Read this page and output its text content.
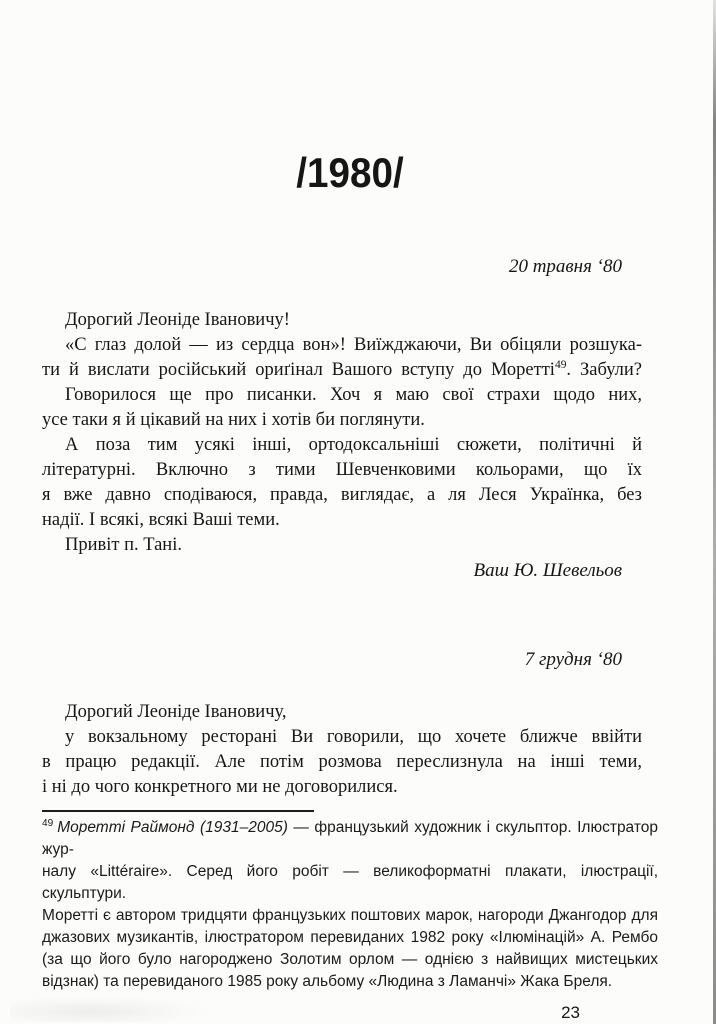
/1980/
20 травня ‘80
Дорогий Леоніде Івановичу!
«С глаз долой — из сердца вон»! Виїжджаючи, Ви обіцяли розшука-
ти й вислати російський ориґінал Вашого вступу до Моретті$^{49}$. Забули?
Говорилося ще про писанки. Хоч я маю свої страхи щодо них,
усе таки я й цікавий на них і хотів би поглянути.
А поза тим усякі інші, ортодоксальніші сюжети, політичні й
літературні. Включно з тими Шевченковими кольорами, що їх
я вже давно сподіваюся, правда, виглядає, а ля Леся Українка, без
надії. І всякі, всякі Ваші теми.
Привіт п. Тані.
Ваш Ю. Шевельов
7 грудня ‘80
Дорогий Леоніде Івановичу,
у вокзальному ресторані Ви говорили, що хочете ближче ввійти
в працю редакції. Але потім розмова переслизнула на інші теми,
і ні до чого конкретного ми не договорилися.
$^{49}$ Моретті Раймонд (1931–2005) — французький художник і скульптор. Ілюстратор жур-
налу «Littéraire». Серед його робіт — великоформатні плакати, ілюстрації, скульптури.
Моретті є автором тридцяти французьких поштових марок, нагороди Джангодор для
джазових музикантів, ілюстратором перевиданих 1982 року «Ілюмінацій» А. Рембо
(за що його було нагороджено Золотим орлом — однією з найвищих мистецьких
відзнак) та перевиданого 1985 року альбому «Людина з Ламанчі» Жака Бреля.
23
